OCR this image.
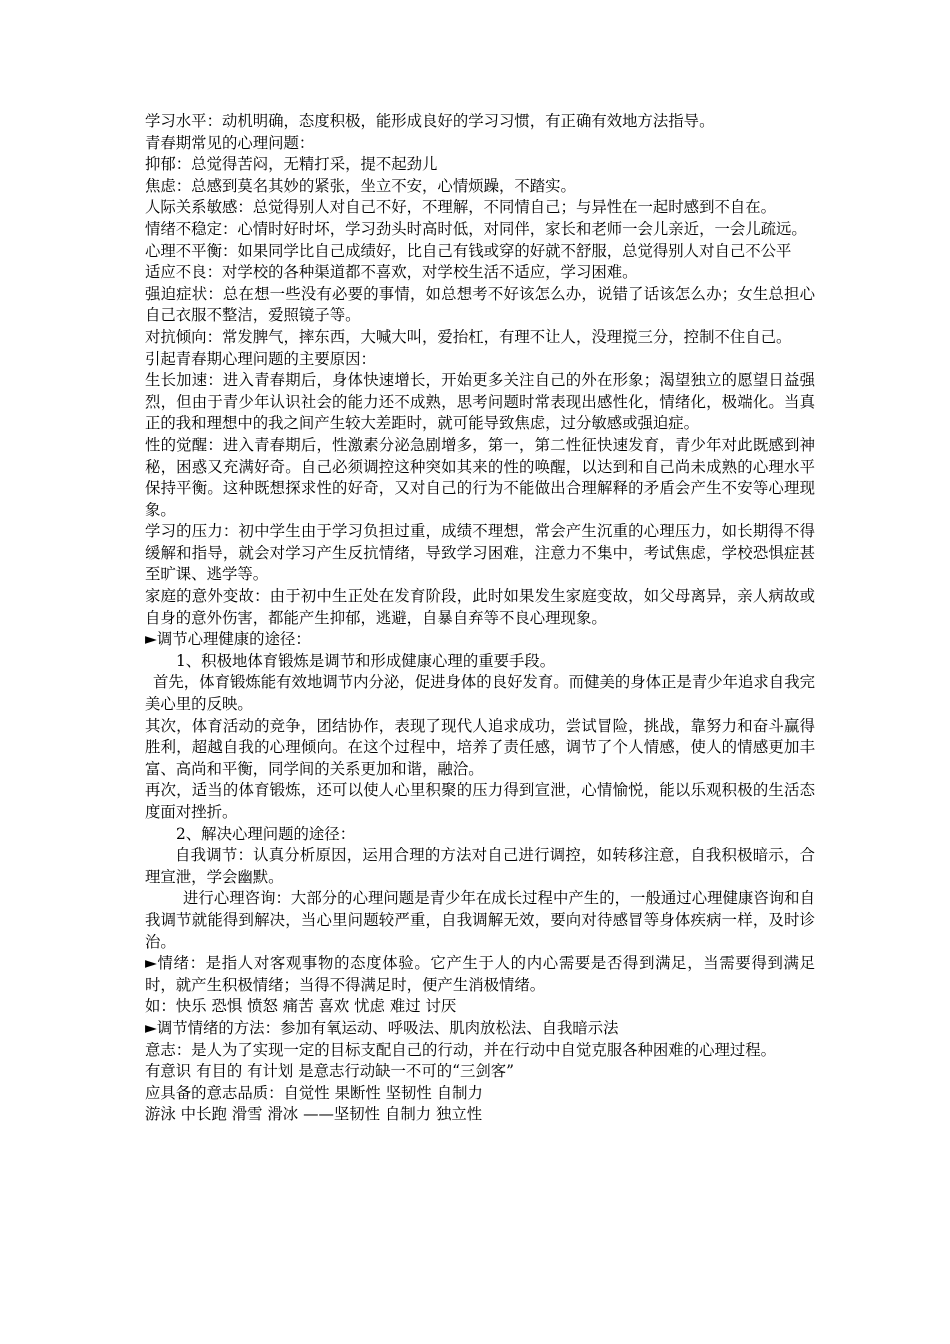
学习水平：动机明确，态度积极，能形成良好的学习习惯，有正确有效地方法指导。

青春期常见的心理问题：

抑郁：总觉得苦闷，无精打采，提不起劲儿

焦虑：总感到莫名其妙的紧张，坐立不安，心情烦躁，不踏实。

人际关系敏感：总觉得别人对自己不好，不理解，不同情自己；与异性在一起时感到不自在。

情绪不稳定：心情时好时坏，学习劲头时高时低，对同伴，家长和老师一会儿亲近，一会儿疏远。

心理不平衡：如果同学比自己成绩好，比自己有钱或穿的好就不舒服，总觉得别人对自己不公平

适应不良：对学校的各种渠道都不喜欢，对学校生活不适应，学习困难。

强迫症状：总在想一些没有必要的事情，如总想考不好该怎么办，说错了话该怎么办；女生总担心自己衣服不整洁，爱照镜子等。

对抗倾向：常发脾气，摔东西，大喊大叫，爱抬杠，有理不让人，没理搅三分，控制不住自己。

引起青春期心理问题的主要原因：

生长加速：进入青春期后，身体快速增长，开始更多关注自己的外在形象；渴望独立的愿望日益强烈，但由于青少年认识社会的能力还不成熟，思考问题时常表现出感性化，情绪化，极端化。当真正的我和理想中的我之间产生较大差距时，就可能导致焦虑，过分敏感或强迫症。

性的觉醒：进入青春期后，性激素分泌急剧增多，第一，第二性征快速发育，青少年对此既感到神秘，困惑又充满好奇。自己必须调控这种突如其来的性的唤醒，以达到和自己尚未成熟的心理水平保持平衡。这种既想探求性的好奇，又对自己的行为不能做出合理解释的矛盾会产生不安等心理现象。

学习的压力：初中学生由于学习负担过重，成绩不理想，常会产生沉重的心理压力，如长期得不得缓解和指导，就会对学习产生反抗情绪，导致学习困难，注意力不集中，考试焦虑，学校恐惧症甚至旷课、逃学等。

家庭的意外变故：由于初中生正处在发育阶段，此时如果发生家庭变故，如父母离异，亲人病故或自身的意外伤害，都能产生抑郁，逃避，自暴自弃等不良心理现象。

►调节心理健康的途径：

1、积极地体育锻炼是调节和形成健康心理的重要手段。

首先，体育锻炼能有效地调节内分泌，促进身体的良好发育。而健美的身体正是青少年追求自我完美心里的反映。

其次，体育活动的竞争，团结协作，表现了现代人追求成功，尝试冒险，挑战，靠努力和奋斗赢得胜利，超越自我的心理倾向。在这个过程中，培养了责任感，调节了个人情感，使人的情感更加丰富、高尚和平衡，同学间的关系更加和谐，融洽。

再次，适当的体育锻炼，还可以使人心里积聚的压力得到宣泄，心情愉悦，能以乐观积极的生活态度面对挫折。

2、解决心理问题的途径：

自我调节：认真分析原因，运用合理的方法对自己进行调控，如转移注意，自我积极暗示，合理宣泄，学会幽默。

进行心理咨询：大部分的心理问题是青少年在成长过程中产生的，一般通过心理健康咨询和自我调节就能得到解决，当心里问题较严重，自我调解无效，要向对待感冒等身体疾病一样，及时诊治。

►情绪：是指人对客观事物的态度体验。它产生于人的内心需要是否得到满足，当需要得到满足时，就产生积极情绪；当得不得满足时，便产生消极情绪。

如：快乐 恐惧 愤怒 痛苦 喜欢 忧虑 难过 讨厌

►调节情绪的方法：参加有氧运动、呼吸法、肌肉放松法、自我暗示法

意志：是人为了实现一定的目标支配自己的行动，并在行动中自觉克服各种困难的心理过程。

有意识 有目的 有计划 是意志行动缺一不可的“三剑客”

应具备的意志品质：自觉性 果断性 坚韧性 自制力

游泳 中长跑 滑雪 滑冰 ——坚韧性 自制力 独立性
